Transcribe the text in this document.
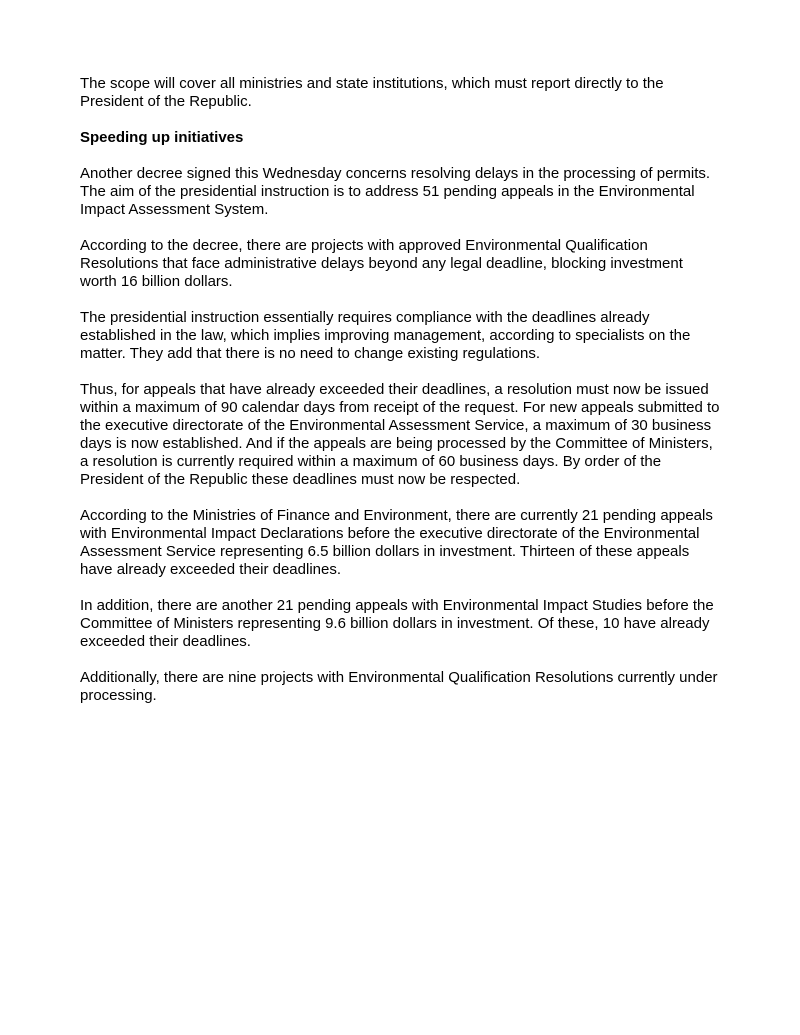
The scope will cover all ministries and state institutions, which must report directly to the President of the Republic.

Speeding up initiatives

Another decree signed this Wednesday concerns resolving delays in the processing of permits. The aim of the presidential instruction is to address 51 pending appeals in the Environmental Impact Assessment System.

According to the decree, there are projects with approved Environmental Qualification Resolutions that face administrative delays beyond any legal deadline, blocking investment worth 16 billion dollars.

The presidential instruction essentially requires compliance with the deadlines already established in the law, which implies improving management, according to specialists on the matter. They add that there is no need to change existing regulations.

Thus, for appeals that have already exceeded their deadlines, a resolution must now be issued within a maximum of 90 calendar days from receipt of the request. For new appeals submitted to the executive directorate of the Environmental Assessment Service, a maximum of 30 business days is now established. And if the appeals are being processed by the Committee of Ministers, a resolution is currently required within a maximum of 60 business days. By order of the President of the Republic these deadlines must now be respected.

According to the Ministries of Finance and Environment, there are currently 21 pending appeals with Environmental Impact Declarations before the executive directorate of the Environmental Assessment Service representing 6.5 billion dollars in investment. Thirteen of these appeals have already exceeded their deadlines.

In addition, there are another 21 pending appeals with Environmental Impact Studies before the Committee of Ministers representing 9.6 billion dollars in investment. Of these, 10 have already exceeded their deadlines.

Additionally, there are nine projects with Environmental Qualification Resolutions currently under processing.
